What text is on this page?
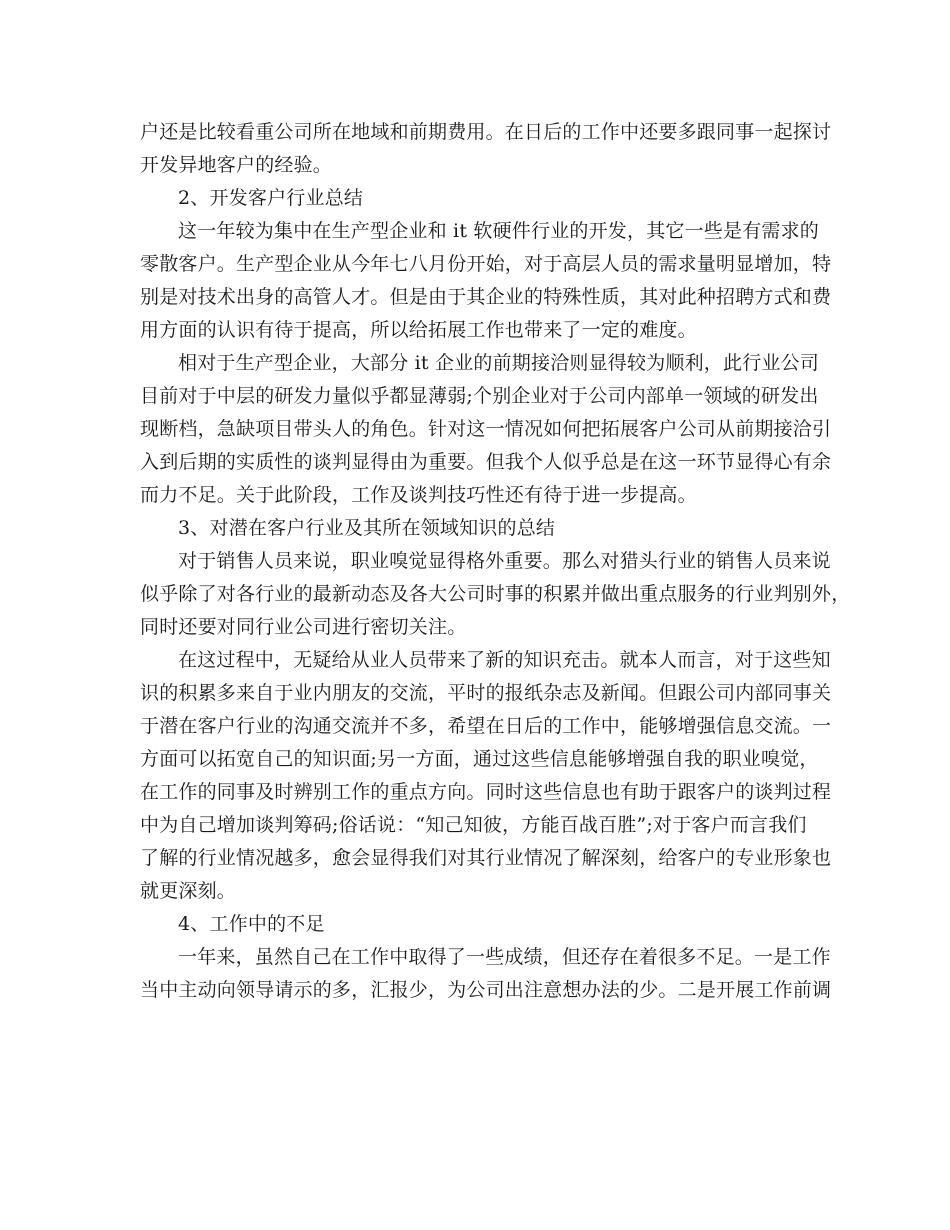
户还是比较看重公司所在地域和前期费用。在日后的工作中还要多跟同事一起探讨
开发异地客户的经验。
2、开发客户行业总结
这一年较为集中在生产型企业和 it 软硬件行业的开发，其它一些是有需求的
零散客户。生产型企业从今年七八月份开始，对于高层人员的需求量明显增加，特
别是对技术出身的高管人才。但是由于其企业的特殊性质，其对此种招聘方式和费
用方面的认识有待于提高，所以给拓展工作也带来了一定的难度。
相对于生产型企业，大部分 it 企业的前期接洽则显得较为顺利，此行业公司
目前对于中层的研发力量似乎都显薄弱;个别企业对于公司内部单一领域的研发出
现断档，急缺项目带头人的角色。针对这一情况如何把拓展客户公司从前期接洽引
入到后期的实质性的谈判显得由为重要。但我个人似乎总是在这一环节显得心有余
而力不足。关于此阶段，工作及谈判技巧性还有待于进一步提高。
3、对潜在客户行业及其所在领域知识的总结
对于销售人员来说，职业嗅觉显得格外重要。那么对猎头行业的销售人员来说
似乎除了对各行业的最新动态及各大公司时事的积累并做出重点服务的行业判别外，
同时还要对同行业公司进行密切关注。
在这过程中，无疑给从业人员带来了新的知识充击。就本人而言，对于这些知
识的积累多来自于业内朋友的交流，平时的报纸杂志及新闻。但跟公司内部同事关
于潜在客户行业的沟通交流并不多，希望在日后的工作中，能够增强信息交流。一
方面可以拓宽自己的知识面;另一方面，通过这些信息能够增强自我的职业嗅觉，
在工作的同事及时辨别工作的重点方向。同时这些信息也有助于跟客户的谈判过程
中为自己增加谈判筹码;俗话说：“知己知彼，方能百战百胜”;对于客户而言我们
了解的行业情况越多，愈会显得我们对其行业情况了解深刻，给客户的专业形象也
就更深刻。
4、工作中的不足
一年来，虽然自己在工作中取得了一些成绩，但还存在着很多不足。一是工作
当中主动向领导请示的多，汇报少，为公司出注意想办法的少。二是开展工作前调
